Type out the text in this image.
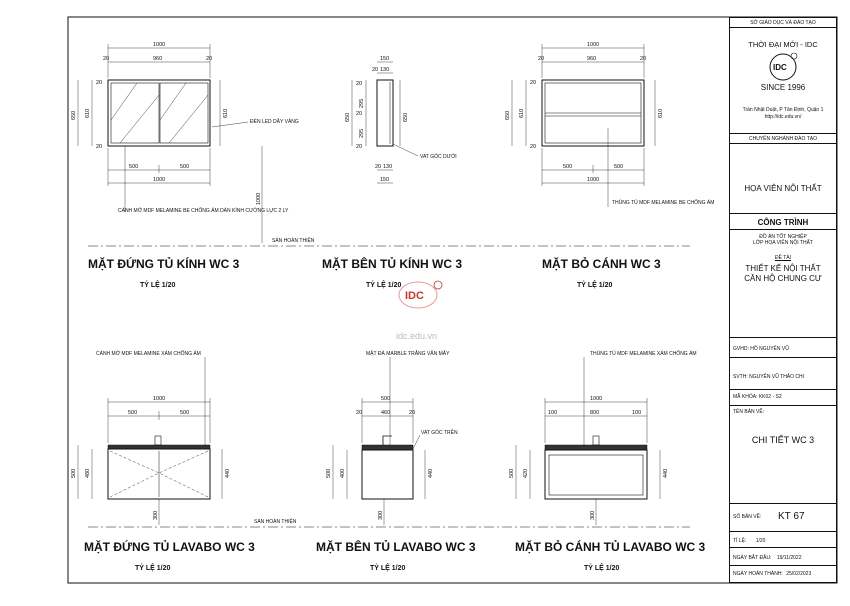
1000
20	960	20
650 610
20
20
610
500	500
1000
1000
ĐÈN LED DÂY VÀNG
CÁNH MỞ MDF MELAMINE BE CHỐNG ẨM DÁN KÍNH CƯỜNG LỰC 2 LY
SÀN HOÀN THIỆN
150
20 130
20
295
20
295
20
650	650
20 130
150
VAT GÓC DƯỚI
1000
20	960	20
650 610
20
20
610
500	500
1000
THÙNG TỦ MDF MELAMINE BE CHỐNG ẨM
MẶT ĐỨNG TỦ KÍNH WC 3
TỶ LỆ 1/20
MẶT BÊN TỦ KÍNH WC 3
TỶ LỆ 1/20
MẶT BỎ CÁNH WC 3
TỶ LỆ 1/20
1000
500	500
500 480	440
300
CÁNH MỞ MDF MELAMINE XÁM CHỐNG ẨM
SÀN HOÀN THIỆN
500
20	460	20
500 400	440
300
MẶT ĐÁ MARBLE TRẮNG VÂN MÂY
VAT GÓC TRÊN
1000
100	800	100
500 420	440
300
THÙNG TỦ MDF MELAMINE XÁM CHỐNG ẨM
MẶT ĐỨNG TỦ LAVABO WC 3
TỶ LỆ 1/20
MẶT BÊN TỦ LAVABO WC 3
TỶ LỆ 1/20
MẶT BỎ CÁNH TỦ LAVABO WC 3
TỶ LỆ 1/20
IDC
idc.edu.vn
SỞ GIÁO DỤC VÀ ĐÀO TẠO
THỜI ĐẠI MỚI - IDC
IDC
SINCE 1996
Trần Nhật Duật, P Tân Định, Quận 1
http://idc.edu.vn/
CHUYÊN NGHÀNH ĐÀO TẠO
HỌA VIÊN NỘI THẤT
CÔNG TRÌNH
ĐỒ ÁN TỐT NGHIỆP
LỚP HỌA VIÊN NỘI THẤT
ĐỀ TÀI
THIẾT KẾ NỘI THẤT
CĂN HỘ CHUNG CƯ
GVHD: HỒ NGUYÊN VŨ
SVTH: NGUYỄN VŨ THẢO CHI
MÃ KHÓA: KK02 - S2
TÊN BẢN VẼ:
CHI TIẾT WC 3
SỐ BẢN VẼ: KT 67
TỈ LỆ: 1/20
NGÀY BẮT ĐẦU: 19/11/2022
NGÀY HOÀN THÀNH: 25/02/2023
